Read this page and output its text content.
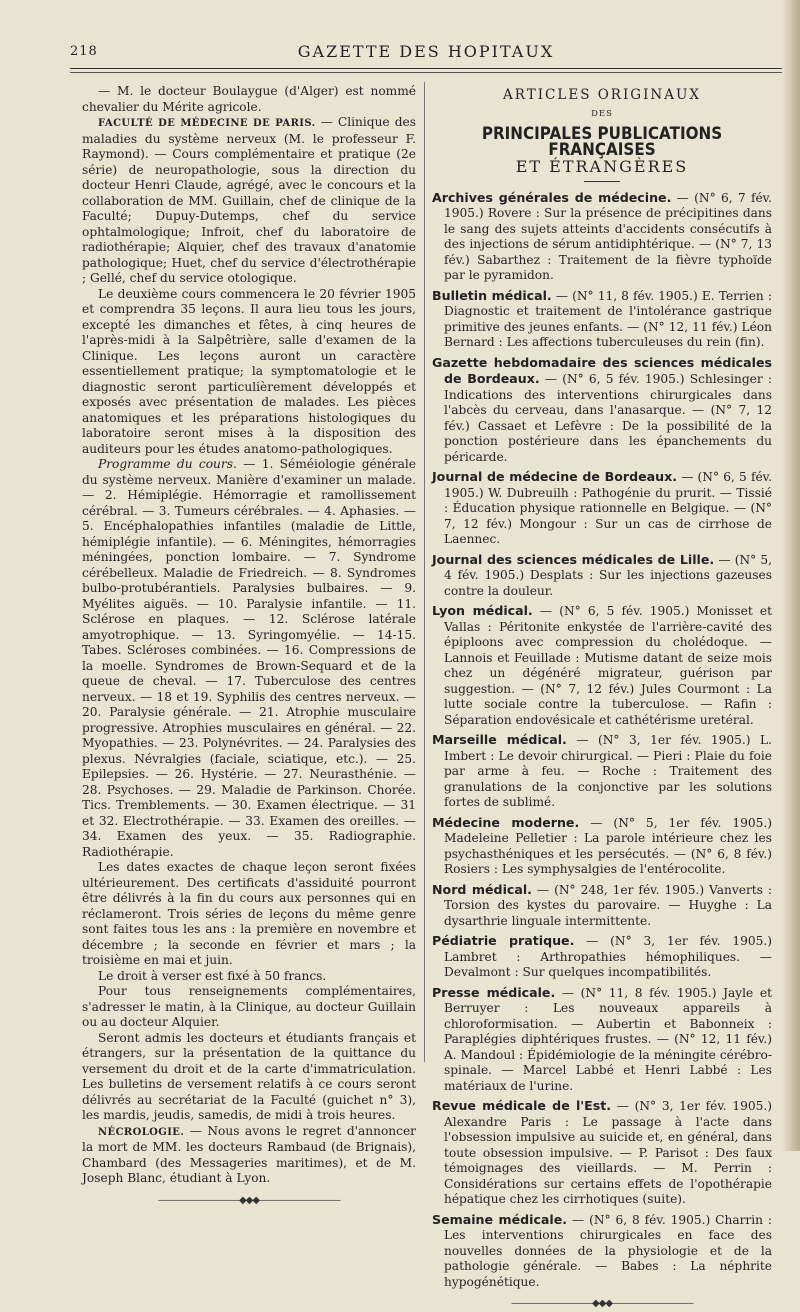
218	GAZETTE DES HOPITAUX

— M. le docteur Boulaygue (d'Alger) est nommé chevalier du Mérite agricole.

FACULTÉ DE MÉDECINE DE PARIS. — Clinique des maladies du système nerveux (M. le professeur F. Raymond). — Cours complémentaire et pratique (2e série) de neuropathologie, sous la direction du docteur Henri Claude, agrégé, avec le concours et la collaboration de MM. Guillain, chef de clinique de la Faculté; Dupuy-Dutemps, chef du service ophtalmologique; Infroit, chef du laboratoire de radiothérapie; Alquier, chef des travaux d'anatomie pathologique; Huet, chef du service d'électrothérapie ; Gellé, chef du service otologique.

Le deuxième cours commencera le 20 février 1905 et comprendra 35 leçons. Il aura lieu tous les jours, excepté les dimanches et fêtes, à cinq heures de l'après-midi à la Salpêtrière, salle d'examen de la Clinique. Les leçons auront un caractère essentiellement pratique; la symptomatologie et le diagnostic seront particulièrement développés et exposés avec présentation de malades. Les pièces anatomiques et les préparations histologiques du laboratoire seront mises à la disposition des auditeurs pour les études anatomo-pathologiques.

Programme du cours. — 1. Séméiologie générale du système nerveux. Manière d'examiner un malade. — 2. Hémiplégie. Hémorragie et ramollissement cérébral. — 3. Tumeurs cérébrales. — 4. Aphasies. — 5. Encéphalopathies infantiles (maladie de Little, hémiplégie infantile). — 6. Méningites, hémorragies méningées, ponction lombaire. — 7. Syndrome cérébelleux. Maladie de Friedreich. — 8. Syndromes bulbo-protubérantiels. Paralysies bulbaires. — 9. Myélites aiguës. — 10. Paralysie infantile. — 11. Sclérose en plaques. — 12. Sclérose latérale amyotrophique. — 13. Syringomyélie. — 14-15. Tabes. Scléroses combinées. — 16. Compressions de la moelle. Syndromes de Brown-Sequard et de la queue de cheval. — 17. Tuberculose des centres nerveux. — 18 et 19. Syphilis des centres nerveux. — 20. Paralysie générale. — 21. Atrophie musculaire progressive. Atrophies musculaires en général. — 22. Myopathies. — 23. Polynévrites. — 24. Paralysies des plexus. Névralgies (faciale, sciatique, etc.). — 25. Epilepsies. — 26. Hystérie. — 27. Neurasthénie. — 28. Psychoses. — 29. Maladie de Parkinson. Chorée. Tics. Tremblements. — 30. Examen électrique. — 31 et 32. Electrothérapie. — 33. Examen des oreilles. — 34. Examen des yeux. — 35. Radiographie. Radiothérapie.

Les dates exactes de chaque leçon seront fixées ultérieurement. Des certificats d'assiduité pourront être délivrés à la fin du cours aux personnes qui en réclameront. Trois séries de leçons du même genre sont faites tous les ans : la première en novembre et décembre ; la seconde en février et mars ; la troisième en mai et juin.

Le droit à verser est fixé à 50 francs.

Pour tous renseignements complémentaires, s'adresser le matin, à la Clinique, au docteur Guillain ou au docteur Alquier.

Seront admis les docteurs et étudiants français et étrangers, sur la présentation de la quittance du versement du droit et de la carte d'immatriculation. Les bulletins de versement relatifs à ce cours seront délivrés au secrétariat de la Faculté (guichet n° 3), les mardis, jeudis, samedis, de midi à trois heures.

NÉCROLOGIE. — Nous avons le regret d'annoncer la mort de MM. les docteurs Rambaud (de Brignais), Chambard (des Messageries maritimes), et de M. Joseph Blanc, étudiant à Lyon.

—————————◆◆◆—————————
ARTICLES ORIGINAUX
DES
PRINCIPALES PUBLICATIONS FRANÇAISES
ET ÉTRANGÈRES

Archives générales de médecine. — (N° 6, 7 fév. 1905.) Rovere : Sur la présence de précipitines dans le sang des sujets atteints d'accidents consécutifs à des injections de sérum antidiphtérique. — (N° 7, 13 fév.) Sabarthez : Traitement de la fièvre typhoïde par le pyramidon.

Bulletin médical. — (N° 11, 8 fév. 1905.) E. Terrien : Diagnostic et traitement de l'intolérance gastrique primitive des jeunes enfants. — (N° 12, 11 fév.) Léon Bernard : Les affections tuberculeuses du rein (fin).

Gazette hebdomadaire des sciences médicales de Bordeaux. — (N° 6, 5 fév. 1905.) Schlesinger : Indications des interventions chirurgicales dans l'abcès du cerveau, dans l'anasarque. — (N° 7, 12 fév.) Cassaet et Lefèvre : De la possibilité de la ponction postérieure dans les épanchements du péricarde.

Journal de médecine de Bordeaux. — (N° 6, 5 fév. 1905.) W. Dubreuilh : Pathogénie du prurit. — Tissié : Éducation physique rationnelle en Belgique. — (N° 7, 12 fév.) Mongour : Sur un cas de cirrhose de Laennec.

Journal des sciences médicales de Lille. — (N° 5, 4 fév. 1905.) Desplats : Sur les injections gazeuses contre la douleur.

Lyon médical. — (N° 6, 5 fév. 1905.) Monisset et Vallas : Péritonite enkystée de l'arrière-cavité des épiploons avec compression du cholédoque. — Lannois et Feuillade : Mutisme datant de seize mois chez un dégénéré migrateur, guérison par suggestion. — (N° 7, 12 fév.) Jules Courmont : La lutte sociale contre la tuberculose. — Rafin : Séparation endovésicale et cathétérisme uretéral.

Marseille médical. — (N° 3, 1er fév. 1905.) L. Imbert : Le devoir chirurgical. — Pieri : Plaie du foie par arme à feu. — Roche : Traitement des granulations de la conjonctive par les solutions fortes de sublimé.

Médecine moderne. — (N° 5, 1er fév. 1905.) Madeleine Pelletier : La parole intérieure chez les psychasthéniques et les persécutés. — (N° 6, 8 fév.) Rosiers : Les symphysalgies de l'entérocolite.

Nord médical. — (N° 248, 1er fév. 1905.) Vanverts : Torsion des kystes du parovaire. — Huyghe : La dysarthrie linguale intermittente.

Pédiatrie pratique. — (N° 3, 1er fév. 1905.) Lambret : Arthropathies hémophiliques. — Devalmont : Sur quelques incompatibilités.

Presse médicale. — (N° 11, 8 fév. 1905.) Jayle et Berruyer : Les nouveaux appareils à chloroformisation. — Aubertin et Babonneix : Paraplégies diphtériques frustes. — (N° 12, 11 fév.) A. Mandoul : Épidémiologie de la méningite cérébro-spinale. — Marcel Labbé et Henri Labbé : Les matériaux de l'urine.

Revue médicale de l'Est. — (N° 3, 1er fév. 1905.) Alexandre Paris : Le passage à l'acte dans l'obsession impulsive au suicide et, en général, dans toute obsession impulsive. — P. Parisot : Des faux témoignages des vieillards. — M. Perrin : Considérations sur certains effets de l'opothérapie hépatique chez les cirrhotiques (suite).

Semaine médicale. — (N° 6, 8 fév. 1905.) Charrin : Les interventions chirurgicales en face des nouvelles données de la physiologie et de la pathologie générale. — Babes : La néphrite hypogénétique.

—————————◆◆◆—————————
